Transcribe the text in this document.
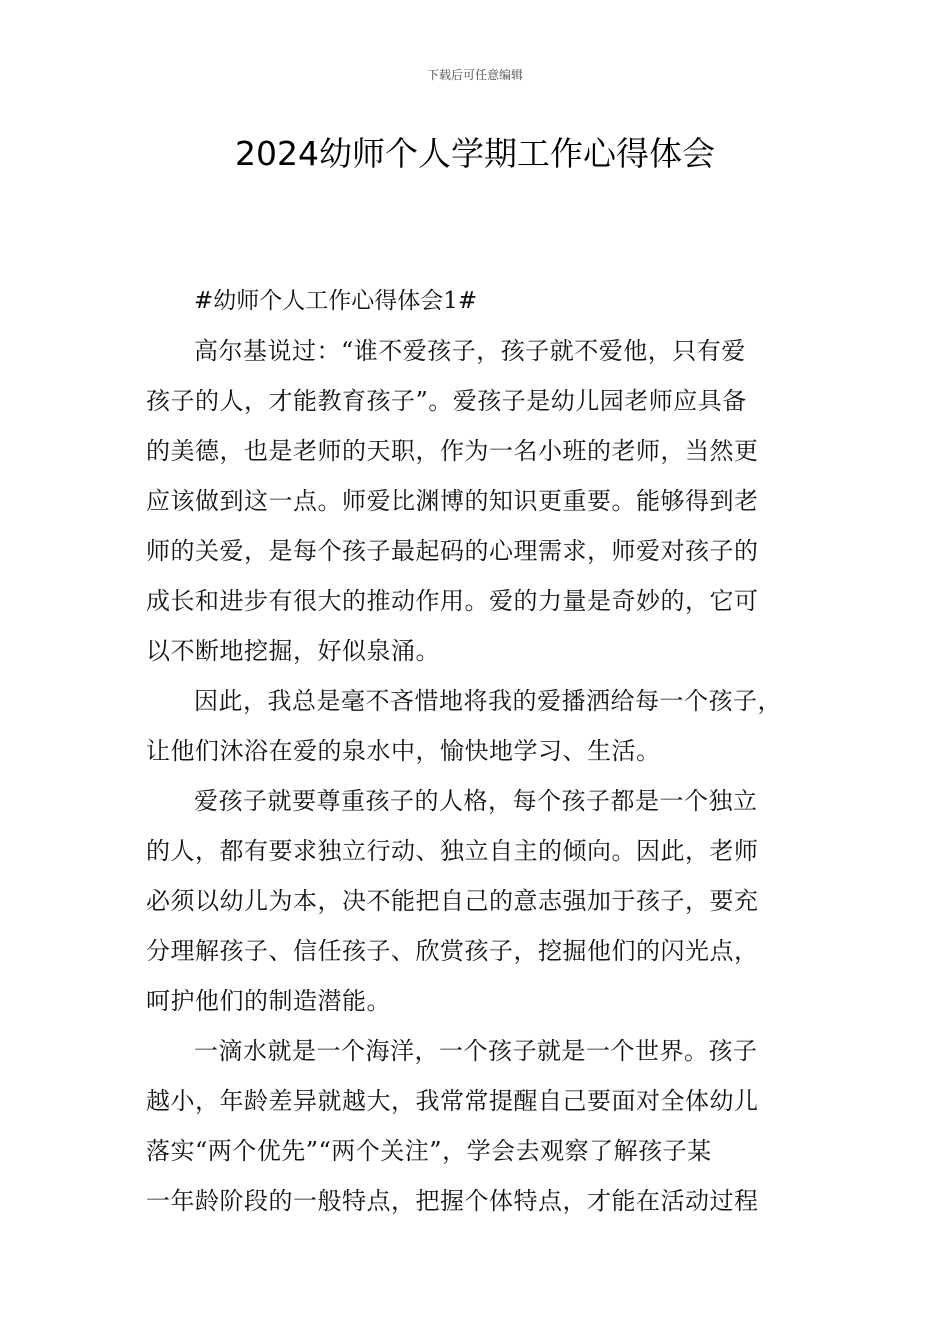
下载后可任意编辑
2024幼师个人学期工作心得体会

#幼师个人工作心得体会1#

高尔基说过：“谁不爱孩子，孩子就不爱他，只有爱

孩子的人，才能教育孩子”。爱孩子是幼儿园老师应具备

的美德，也是老师的天职，作为一名小班的老师，当然更

应该做到这一点。师爱比渊博的知识更重要。能够得到老

师的关爱，是每个孩子最起码的心理需求，师爱对孩子的

成长和进步有很大的推动作用。爱的力量是奇妙的，它可

以不断地挖掘，好似泉涌。

因此，我总是毫不吝惜地将我的爱播洒给每一个孩子，

让他们沐浴在爱的泉水中，愉快地学习、生活。

爱孩子就要尊重孩子的人格，每个孩子都是一个独立

的人，都有要求独立行动、独立自主的倾向。因此，老师

必须以幼儿为本，决不能把自己的意志强加于孩子，要充

分理解孩子、信任孩子、欣赏孩子，挖掘他们的闪光点，

呵护他们的制造潜能。

一滴水就是一个海洋，一个孩子就是一个世界。孩子

越小，年龄差异就越大，我常常提醒自己要面对全体幼儿

落实“两个优先”“两个关注”，学会去观察了解孩子某

一年龄阶段的一般特点，把握个体特点，才能在活动过程
